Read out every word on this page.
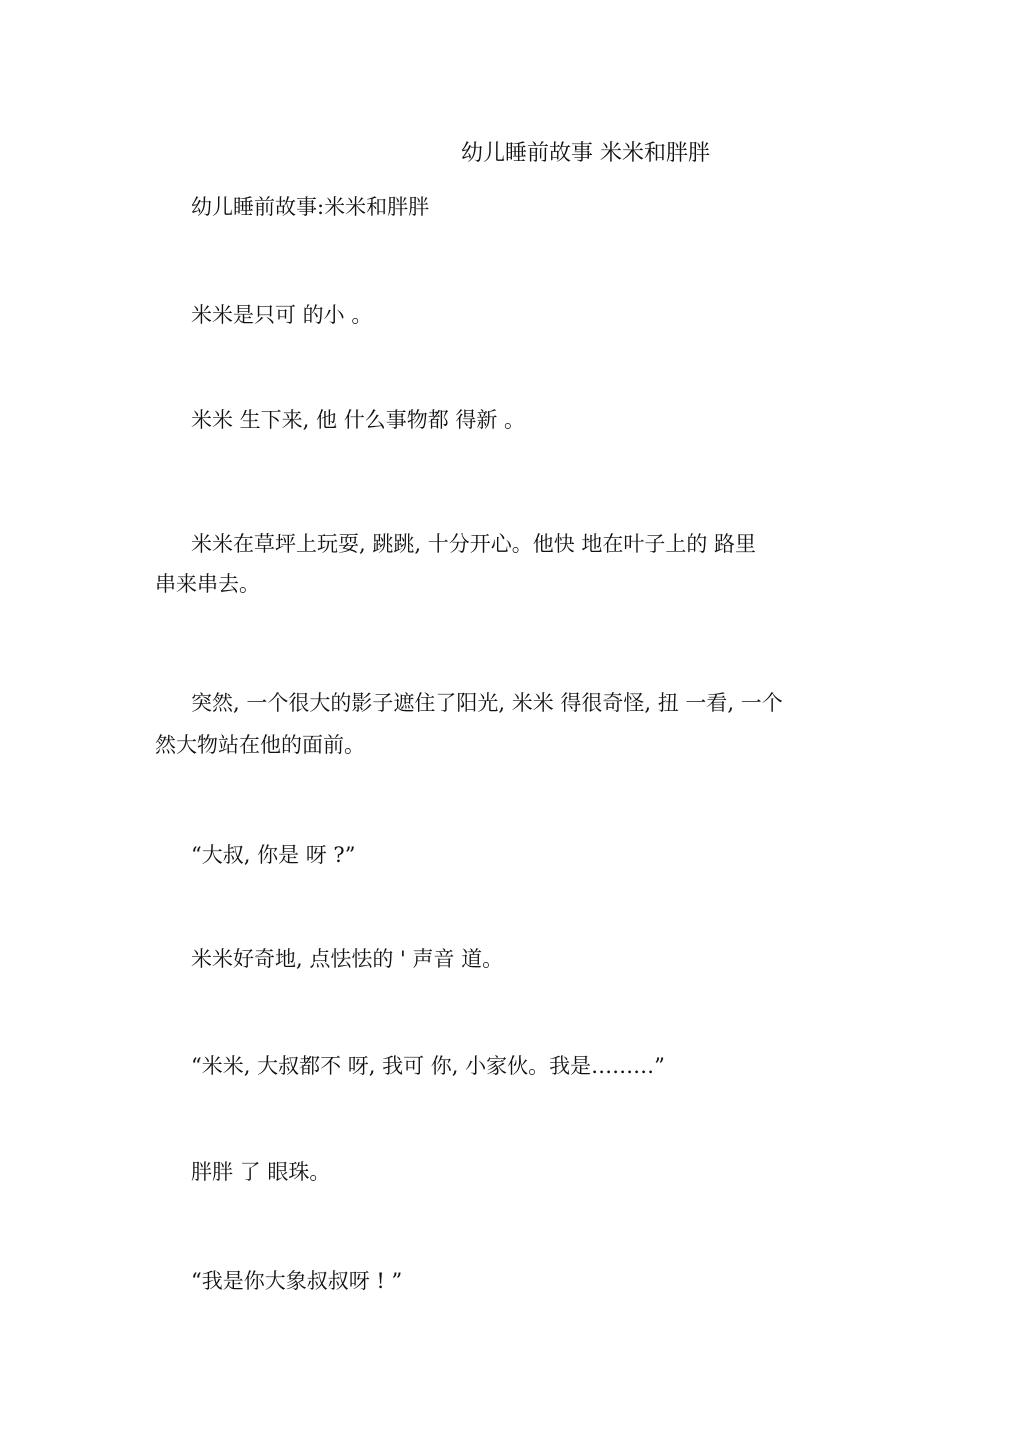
幼儿睡前故事 米米和胖胖
幼儿睡前故事:米米和胖胖
米米是只可 的小 。
米米 生下来, 他 什么事物都 得新 。
米米在草坪上玩耍, 跳跳, 十分开心。他快 地在叶子上的 路里
串来串去。
突然, 一个很大的影子遮住了阳光, 米米 得很奇怪, 扭 一看, 一个
然大物站在他的面前。
“大叔, 你是 呀 ?”
米米好奇地, 点怯怯的 ' 声音 道。
“米米, 大叔都不 呀, 我可 你, 小家伙。我是………”
胖胖 了 眼珠。
“我是你大象叔叔呀 ! ”
